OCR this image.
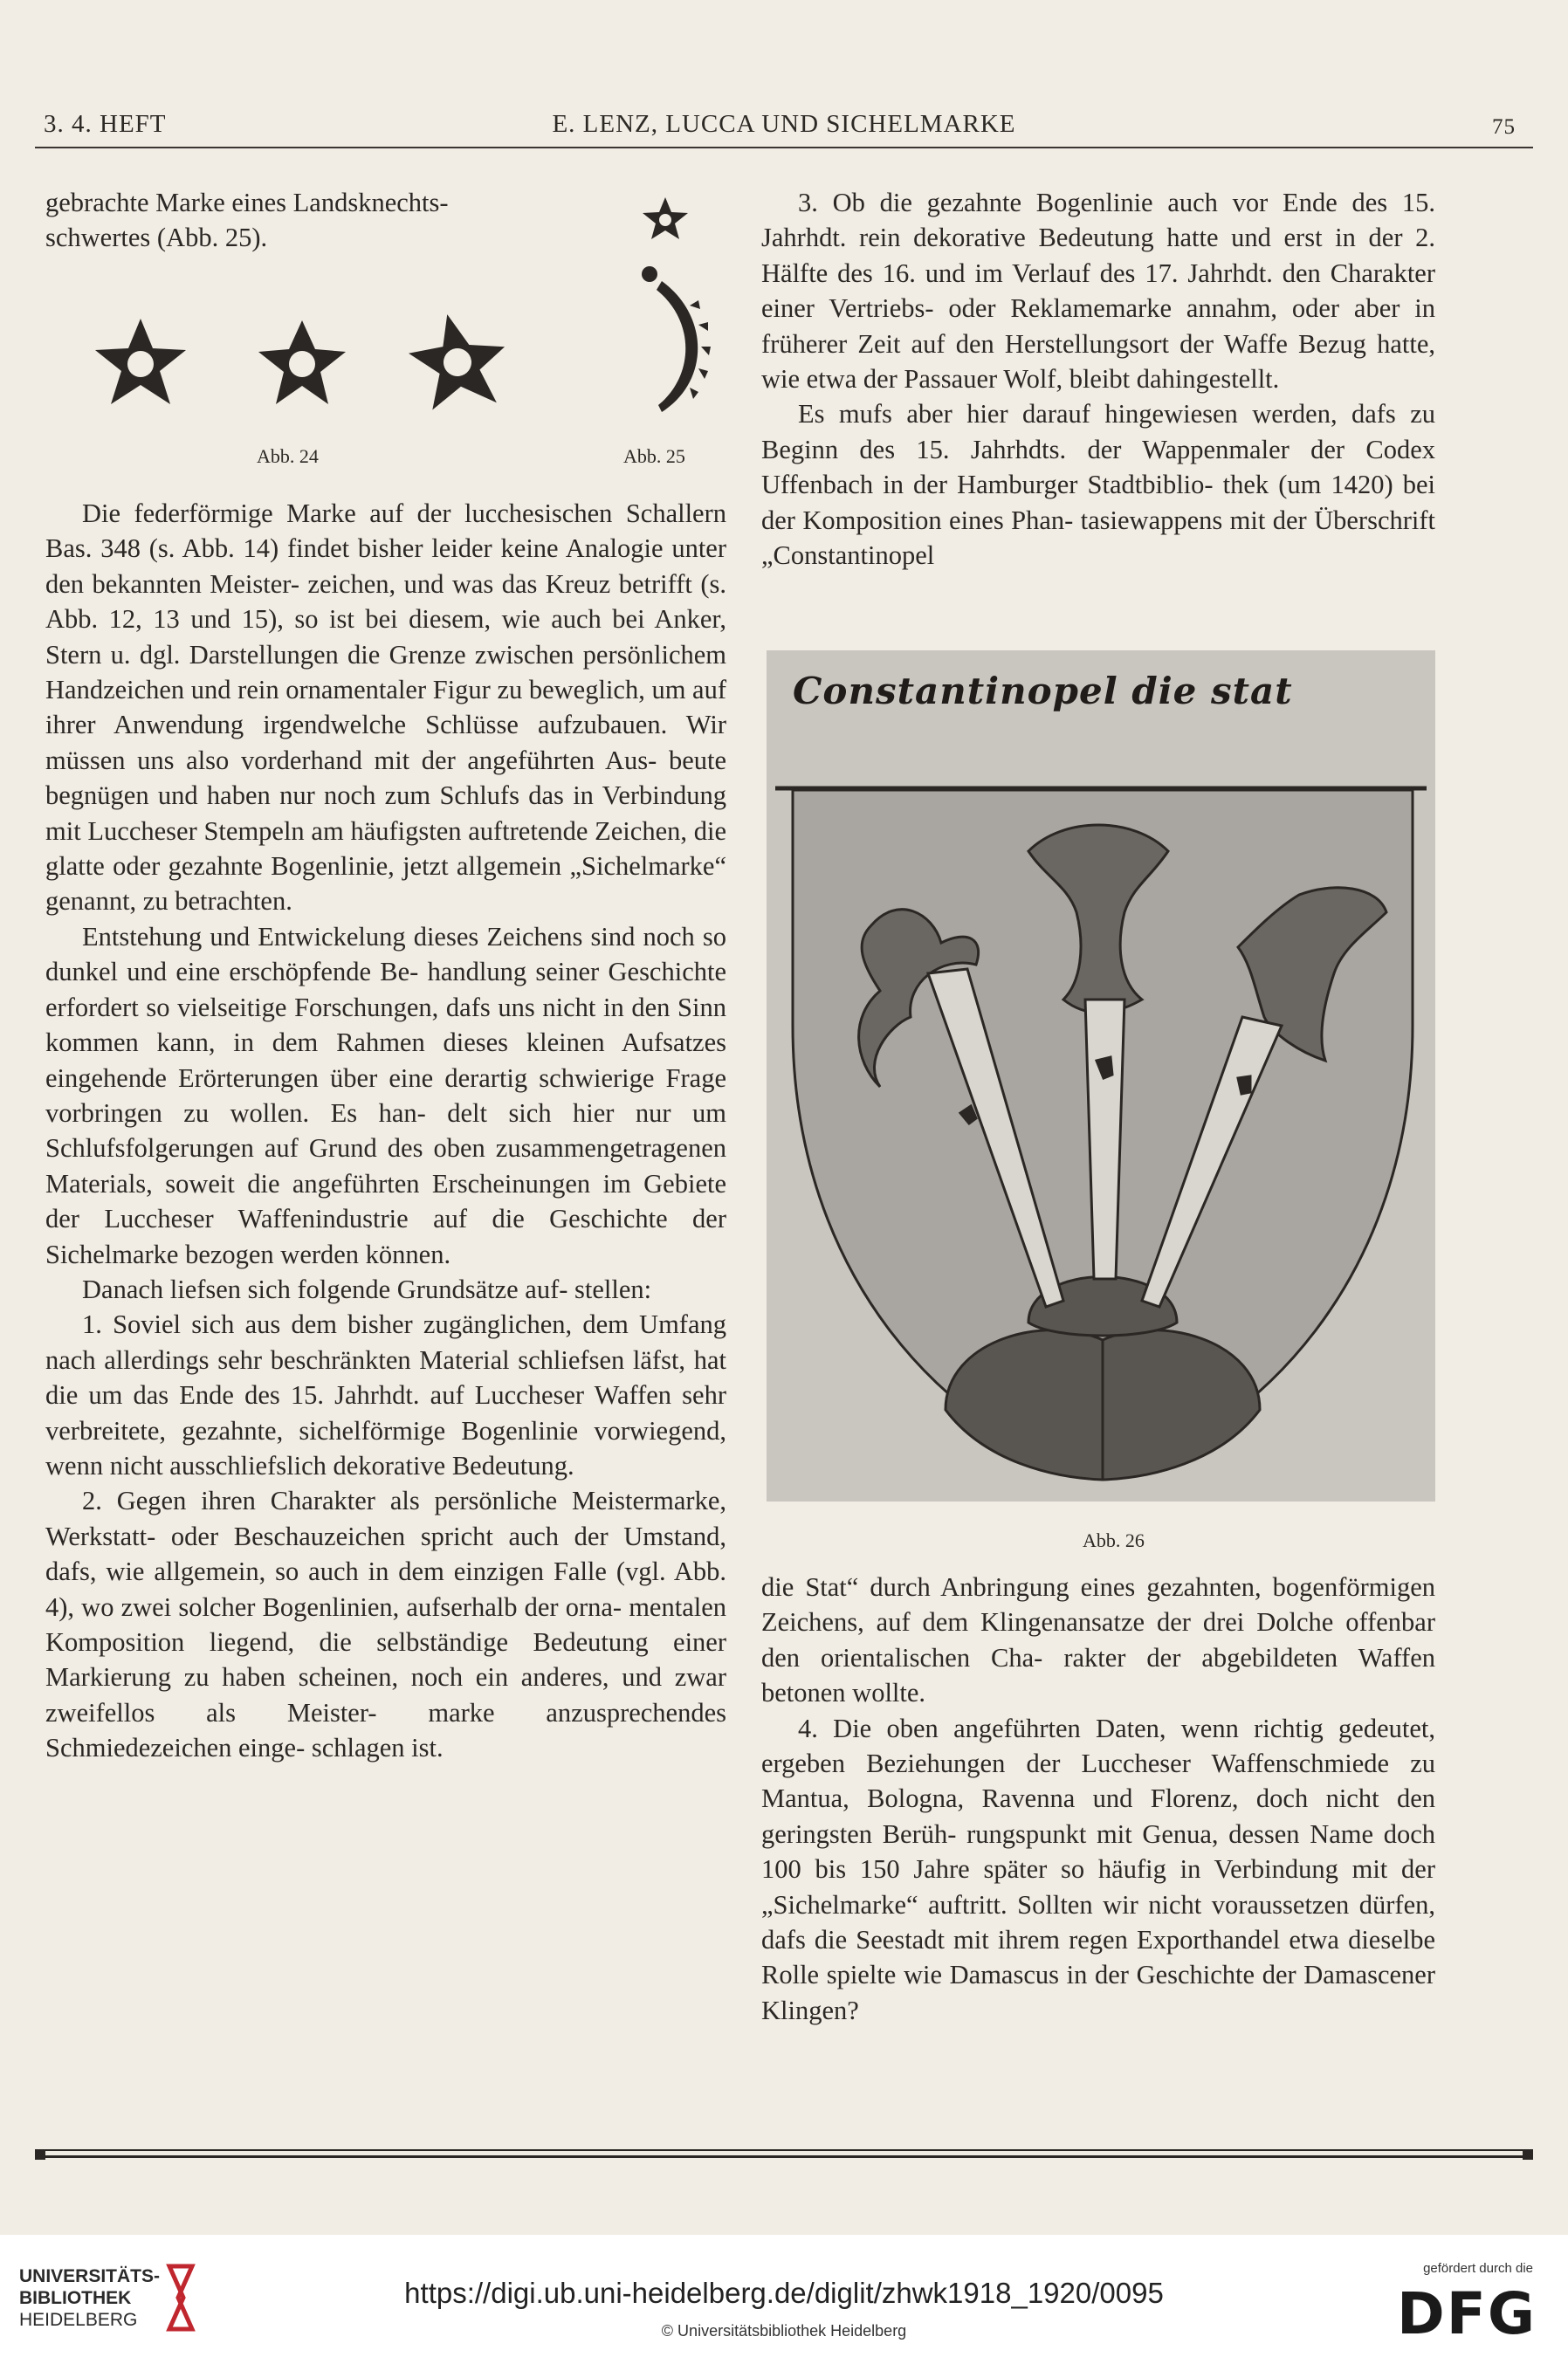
3. 4. HEFT	E. LENZ, LUCCA UND SICHELMARKE	75

gebrachte Marke eines Landsknechts-

schwertes (Abb. 25).

Abb. 24	Abb. 25

Die federförmige Marke auf der lucchesischen Schallern Bas. 348 (s. Abb. 14) findet bisher leider keine Analogie unter den bekannten Meister- zeichen, und was das Kreuz betrifft (s. Abb. 12, 13 und 15), so ist bei diesem, wie auch bei Anker, Stern u. dgl. Darstellungen die Grenze zwischen persönlichem Handzeichen und rein ornamentaler Figur zu beweglich, um auf ihrer Anwendung irgendwelche Schlüsse aufzubauen. Wir müssen uns also vorderhand mit der angeführten Aus- beute begnügen und haben nur noch zum Schlufs das in Verbindung mit Luccheser Stempeln am häufigsten auftretende Zeichen, die glatte oder gezahnte Bogenlinie, jetzt allgemein „Sichelmarke“ genannt, zu betrachten.

Entstehung und Entwickelung dieses Zeichens sind noch so dunkel und eine erschöpfende Be- handlung seiner Geschichte erfordert so vielseitige Forschungen, dafs uns nicht in den Sinn kommen kann, in dem Rahmen dieses kleinen Aufsatzes eingehende Erörterungen über eine derartig schwierige Frage vorbringen zu wollen. Es han- delt sich hier nur um Schlufsfolgerungen auf Grund des oben zusammengetragenen Materials, soweit die angeführten Erscheinungen im Gebiete der Luccheser Waffenindustrie auf die Geschichte der Sichelmarke bezogen werden können.

Danach liefsen sich folgende Grundsätze auf- stellen:

1. Soviel sich aus dem bisher zugänglichen, dem Umfang nach allerdings sehr beschränkten Material schliefsen läfst, hat die um das Ende des 15. Jahrhdt. auf Luccheser Waffen sehr verbreitete, gezahnte, sichelförmige Bogenlinie vorwiegend, wenn nicht ausschliefslich dekorative Bedeutung.

2. Gegen ihren Charakter als persönliche Meistermarke, Werkstatt- oder Beschauzeichen spricht auch der Umstand, dafs, wie allgemein, so auch in dem einzigen Falle (vgl. Abb. 4), wo zwei solcher Bogenlinien, aufserhalb der orna- mentalen Komposition liegend, die selbständige Bedeutung einer Markierung zu haben scheinen, noch ein anderes, und zwar zweifellos als Meister- marke anzusprechendes Schmiedezeichen einge- schlagen ist.

3. Ob die gezahnte Bogenlinie auch vor Ende des 15. Jahrhdt. rein dekorative Bedeutung hatte und erst in der 2. Hälfte des 16. und im Verlauf des 17. Jahrhdt. den Charakter einer Vertriebs- oder Reklamemarke annahm, oder aber in früherer Zeit auf den Herstellungsort der Waffe Bezug hatte, wie etwa der Passauer Wolf, bleibt dahingestellt.

Es mufs aber hier darauf hingewiesen werden, dafs zu Beginn des 15. Jahrhdts. der Wappenmaler der Codex Uffenbach in der Hamburger Stadtbiblio- thek (um 1420) bei der Komposition eines Phan- tasiewappens mit der Überschrift „Constantinopel

Constantinopel die stat
Abb. 26

die Stat“ durch Anbringung eines gezahnten, bogenförmigen Zeichens, auf dem Klingenansatze der drei Dolche offenbar den orientalischen Cha- rakter der abgebildeten Waffen betonen wollte.

4. Die oben angeführten Daten, wenn richtig gedeutet, ergeben Beziehungen der Luccheser Waffenschmiede zu Mantua, Bologna, Ravenna und Florenz, doch nicht den geringsten Berüh- rungspunkt mit Genua, dessen Name doch 100 bis 150 Jahre später so häufig in Verbindung mit der „Sichelmarke“ auftritt. Sollten wir nicht voraussetzen dürfen, dafs die Seestadt mit ihrem regen Exporthandel etwa dieselbe Rolle spielte wie Damascus in der Geschichte der Damascener Klingen?

UNIVERSITÄTS-
BIBLIOTHEK
HEIDELBERG
https://digi.ub.uni-heidelberg.de/diglit/zhwk1918_1920/0095
© Universitätsbibliothek Heidelberg
gefördert durch die
DFG
